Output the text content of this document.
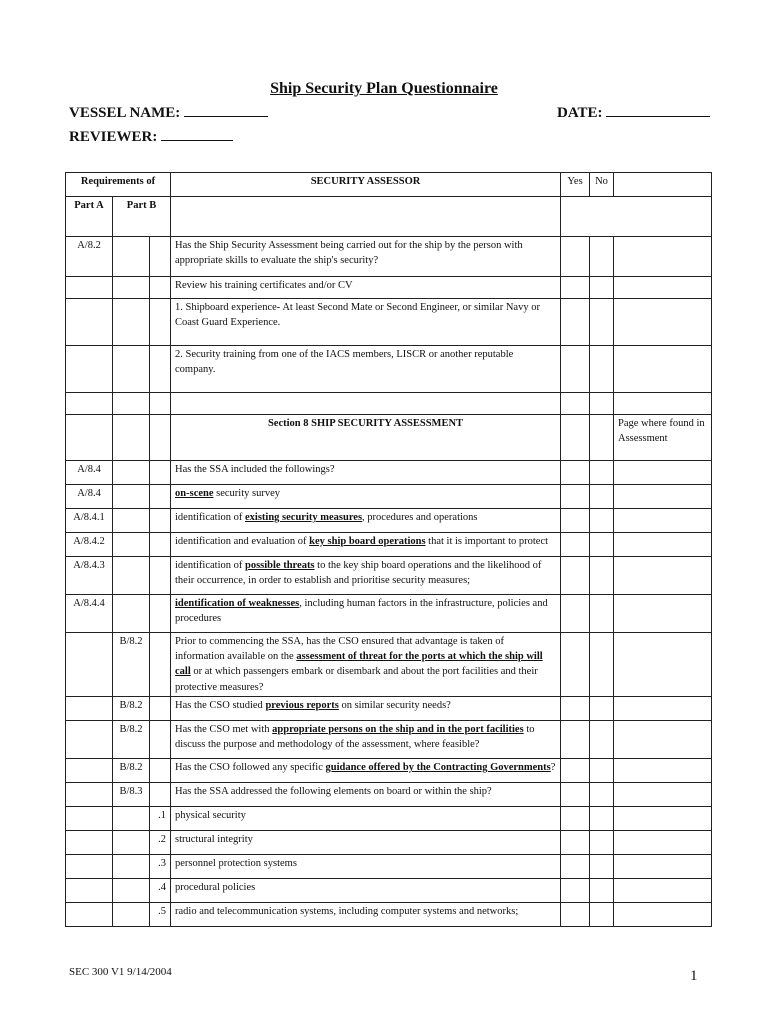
Ship Security Plan Questionnaire
VESSEL NAME:	DATE:
REVIEWER:
Requirements of			SECURITY ASSESSOR	Yes	No	
Part A	Part B					
A/8.2			Has the Ship Security Assessment being carried out for the ship by the person with appropriate skills to evaluate the ship's security?			
			Review his training certificates and/or CV			
			1. Shipboard experience- At least Second Mate or Second Engineer, or similar Navy or Coast Guard Experience.			
			2. Security training from one of the IACS members, LISCR or another reputable company.			

			Section 8 SHIP SECURITY ASSESSMENT			Page where found in Assessment
A/8.4			Has the SSA included the followings?			
A/8.4			on-scene security survey			
A/8.4.1			identification of existing security measures, procedures and operations			
A/8.4.2			identification and evaluation of key ship board operations that it is important to protect			
A/8.4.3			identification of possible threats to the key ship board operations and the likelihood of their occurrence, in order to establish and prioritise security measures;			
A/8.4.4			identification of weaknesses, including human factors in the infrastructure, policies and procedures			
	B/8.2		Prior to commencing the SSA, has the CSO ensured that advantage is taken of information available on the assessment of threat for the ports at which the ship will call or at which passengers embark or disembark and about the port facilities and their protective measures?			
	B/8.2		Has the CSO studied previous reports on similar security needs?			
	B/8.2		Has the CSO met with appropriate persons on the ship and in the port facilities to discuss the purpose and methodology of the assessment, where feasible?			
	B/8.2		Has the CSO followed any specific guidance offered by the Contracting Governments?			
	B/8.3		Has the SSA addressed the following elements on board or within the ship?			
		.1	physical security			
		.2	structural integrity			
		.3	personnel protection systems			
		.4	procedural policies			
		.5	radio and telecommunication systems, including computer systems and networks;			
SEC 300 V1 9/14/2004	1
